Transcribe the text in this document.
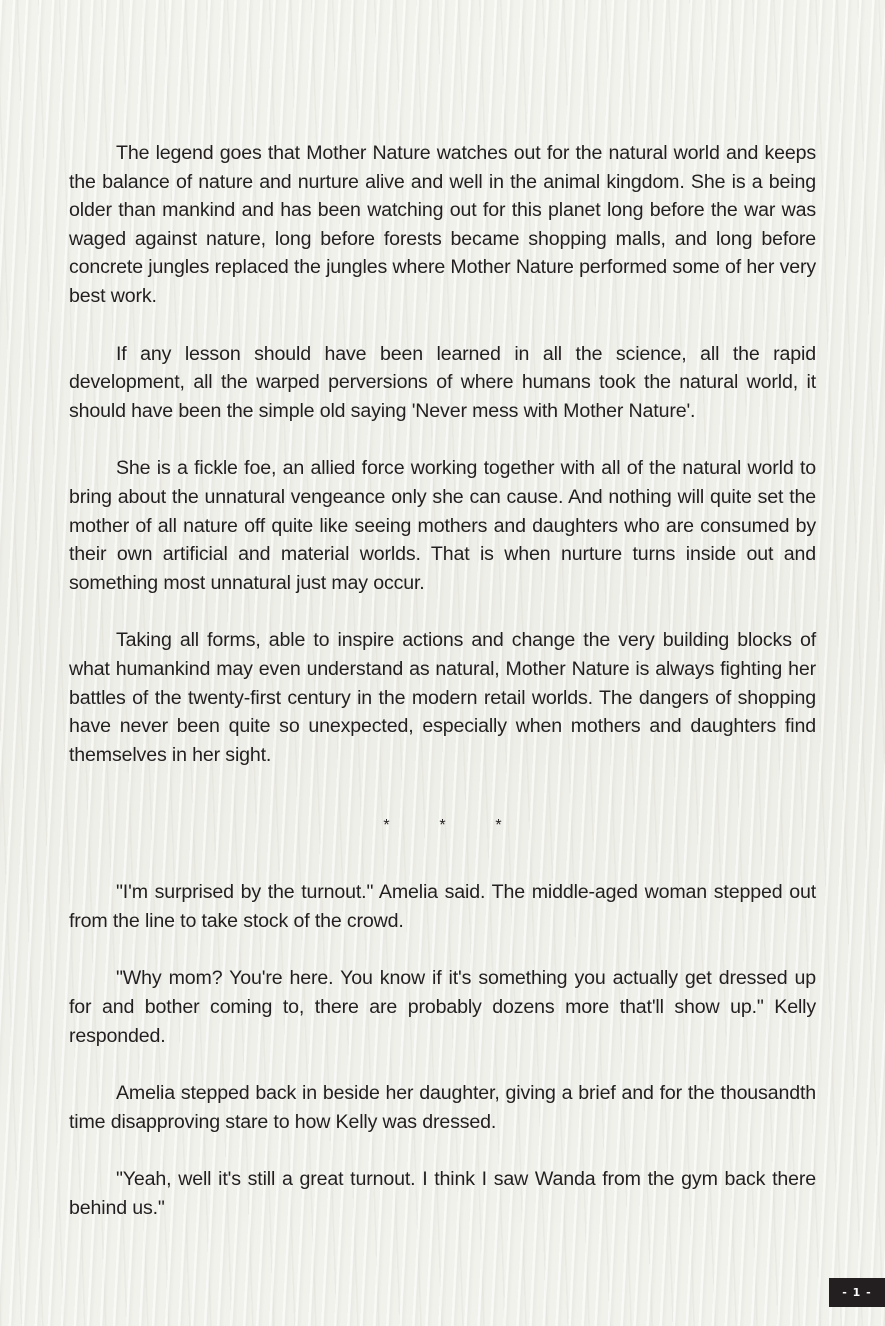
The legend goes that Mother Nature watches out for the natural world and keeps the balance of nature and nurture alive and well in the animal kingdom. She is a being older than mankind and has been watching out for this planet long before the war was waged against nature, long before forests became shopping malls, and long before concrete jungles replaced the jungles where Mother Nature performed some of her very best work.

If any lesson should have been learned in all the science, all the rapid development, all the warped perversions of where humans took the natural world, it should have been the simple old saying 'Never mess with Mother Nature'.

She is a fickle foe, an allied force working together with all of the natural world to bring about the unnatural vengeance only she can cause. And nothing will quite set the mother of all nature off quite like seeing mothers and daughters who are consumed by their own artificial and material worlds. That is when nurture turns inside out and something most unnatural just may occur.

Taking all forms, able to inspire actions and change the very building blocks of what humankind may even understand as natural, Mother Nature is always fighting her battles of the twenty-first century in the modern retail worlds. The dangers of shopping have never been quite so unexpected, especially when mothers and daughters find themselves in her sight.

*	*	*

"I'm surprised by the turnout." Amelia said. The middle-aged woman stepped out from the line to take stock of the crowd.

"Why mom? You're here. You know if it's something you actually get dressed up for and bother coming to, there are probably dozens more that'll show up." Kelly responded.

Amelia stepped back in beside her daughter, giving a brief and for the thousandth time disapproving stare to how Kelly was dressed.

"Yeah, well it's still a great turnout. I think I saw Wanda from the gym back there behind us."

- 1 -
